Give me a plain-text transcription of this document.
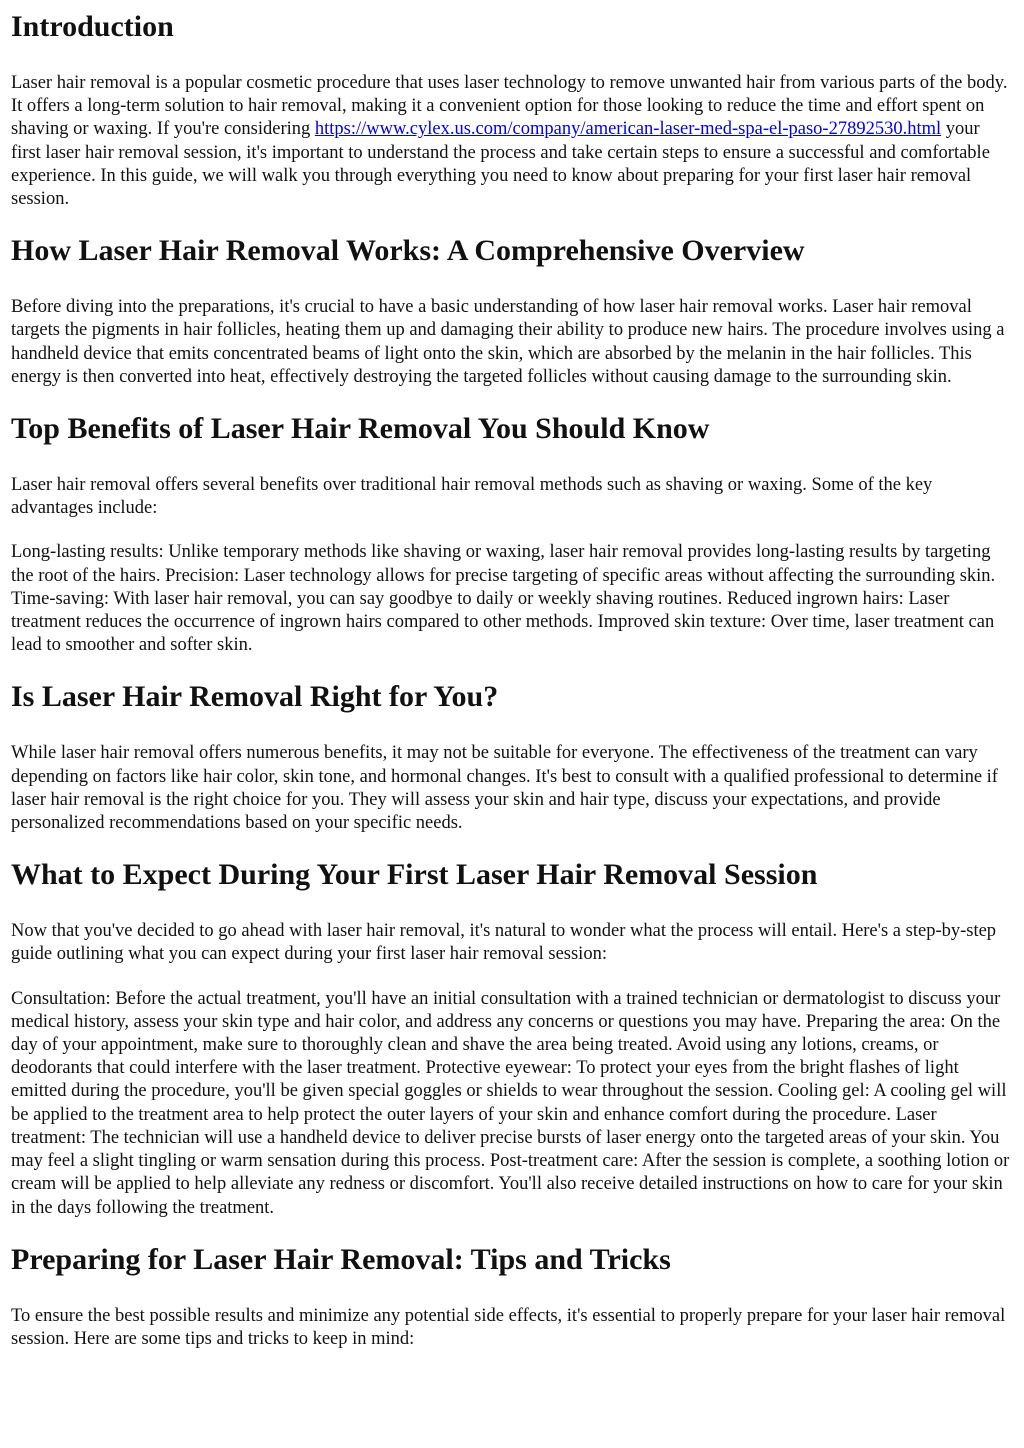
Introduction

Laser hair removal is a popular cosmetic procedure that uses laser technology to remove unwanted hair from various parts of the body. It offers a long-term solution to hair removal, making it a convenient option for those looking to reduce the time and effort spent on shaving or waxing. If you're considering https://www.cylex.us.com/company/american-laser-med-spa-el-paso-27892530.html your first laser hair removal session, it's important to understand the process and take certain steps to ensure a successful and comfortable experience. In this guide, we will walk you through everything you need to know about preparing for your first laser hair removal session.

How Laser Hair Removal Works: A Comprehensive Overview

Before diving into the preparations, it's crucial to have a basic understanding of how laser hair removal works. Laser hair removal targets the pigments in hair follicles, heating them up and damaging their ability to produce new hairs. The procedure involves using a handheld device that emits concentrated beams of light onto the skin, which are absorbed by the melanin in the hair follicles. This energy is then converted into heat, effectively destroying the targeted follicles without causing damage to the surrounding skin.

Top Benefits of Laser Hair Removal You Should Know

Laser hair removal offers several benefits over traditional hair removal methods such as shaving or waxing. Some of the key advantages include:

Long-lasting results: Unlike temporary methods like shaving or waxing, laser hair removal provides long-lasting results by targeting the root of the hairs. Precision: Laser technology allows for precise targeting of specific areas without affecting the surrounding skin. Time-saving: With laser hair removal, you can say goodbye to daily or weekly shaving routines. Reduced ingrown hairs: Laser treatment reduces the occurrence of ingrown hairs compared to other methods. Improved skin texture: Over time, laser treatment can lead to smoother and softer skin.

Is Laser Hair Removal Right for You?

While laser hair removal offers numerous benefits, it may not be suitable for everyone. The effectiveness of the treatment can vary depending on factors like hair color, skin tone, and hormonal changes. It's best to consult with a qualified professional to determine if laser hair removal is the right choice for you. They will assess your skin and hair type, discuss your expectations, and provide personalized recommendations based on your specific needs.

What to Expect During Your First Laser Hair Removal Session

Now that you've decided to go ahead with laser hair removal, it's natural to wonder what the process will entail. Here's a step-by-step guide outlining what you can expect during your first laser hair removal session:

Consultation: Before the actual treatment, you'll have an initial consultation with a trained technician or dermatologist to discuss your medical history, assess your skin type and hair color, and address any concerns or questions you may have. Preparing the area: On the day of your appointment, make sure to thoroughly clean and shave the area being treated. Avoid using any lotions, creams, or deodorants that could interfere with the laser treatment. Protective eyewear: To protect your eyes from the bright flashes of light emitted during the procedure, you'll be given special goggles or shields to wear throughout the session. Cooling gel: A cooling gel will be applied to the treatment area to help protect the outer layers of your skin and enhance comfort during the procedure. Laser treatment: The technician will use a handheld device to deliver precise bursts of laser energy onto the targeted areas of your skin. You may feel a slight tingling or warm sensation during this process. Post-treatment care: After the session is complete, a soothing lotion or cream will be applied to help alleviate any redness or discomfort. You'll also receive detailed instructions on how to care for your skin in the days following the treatment.

Preparing for Laser Hair Removal: Tips and Tricks

To ensure the best possible results and minimize any potential side effects, it's essential to properly prepare for your laser hair removal session. Here are some tips and tricks to keep in mind:
